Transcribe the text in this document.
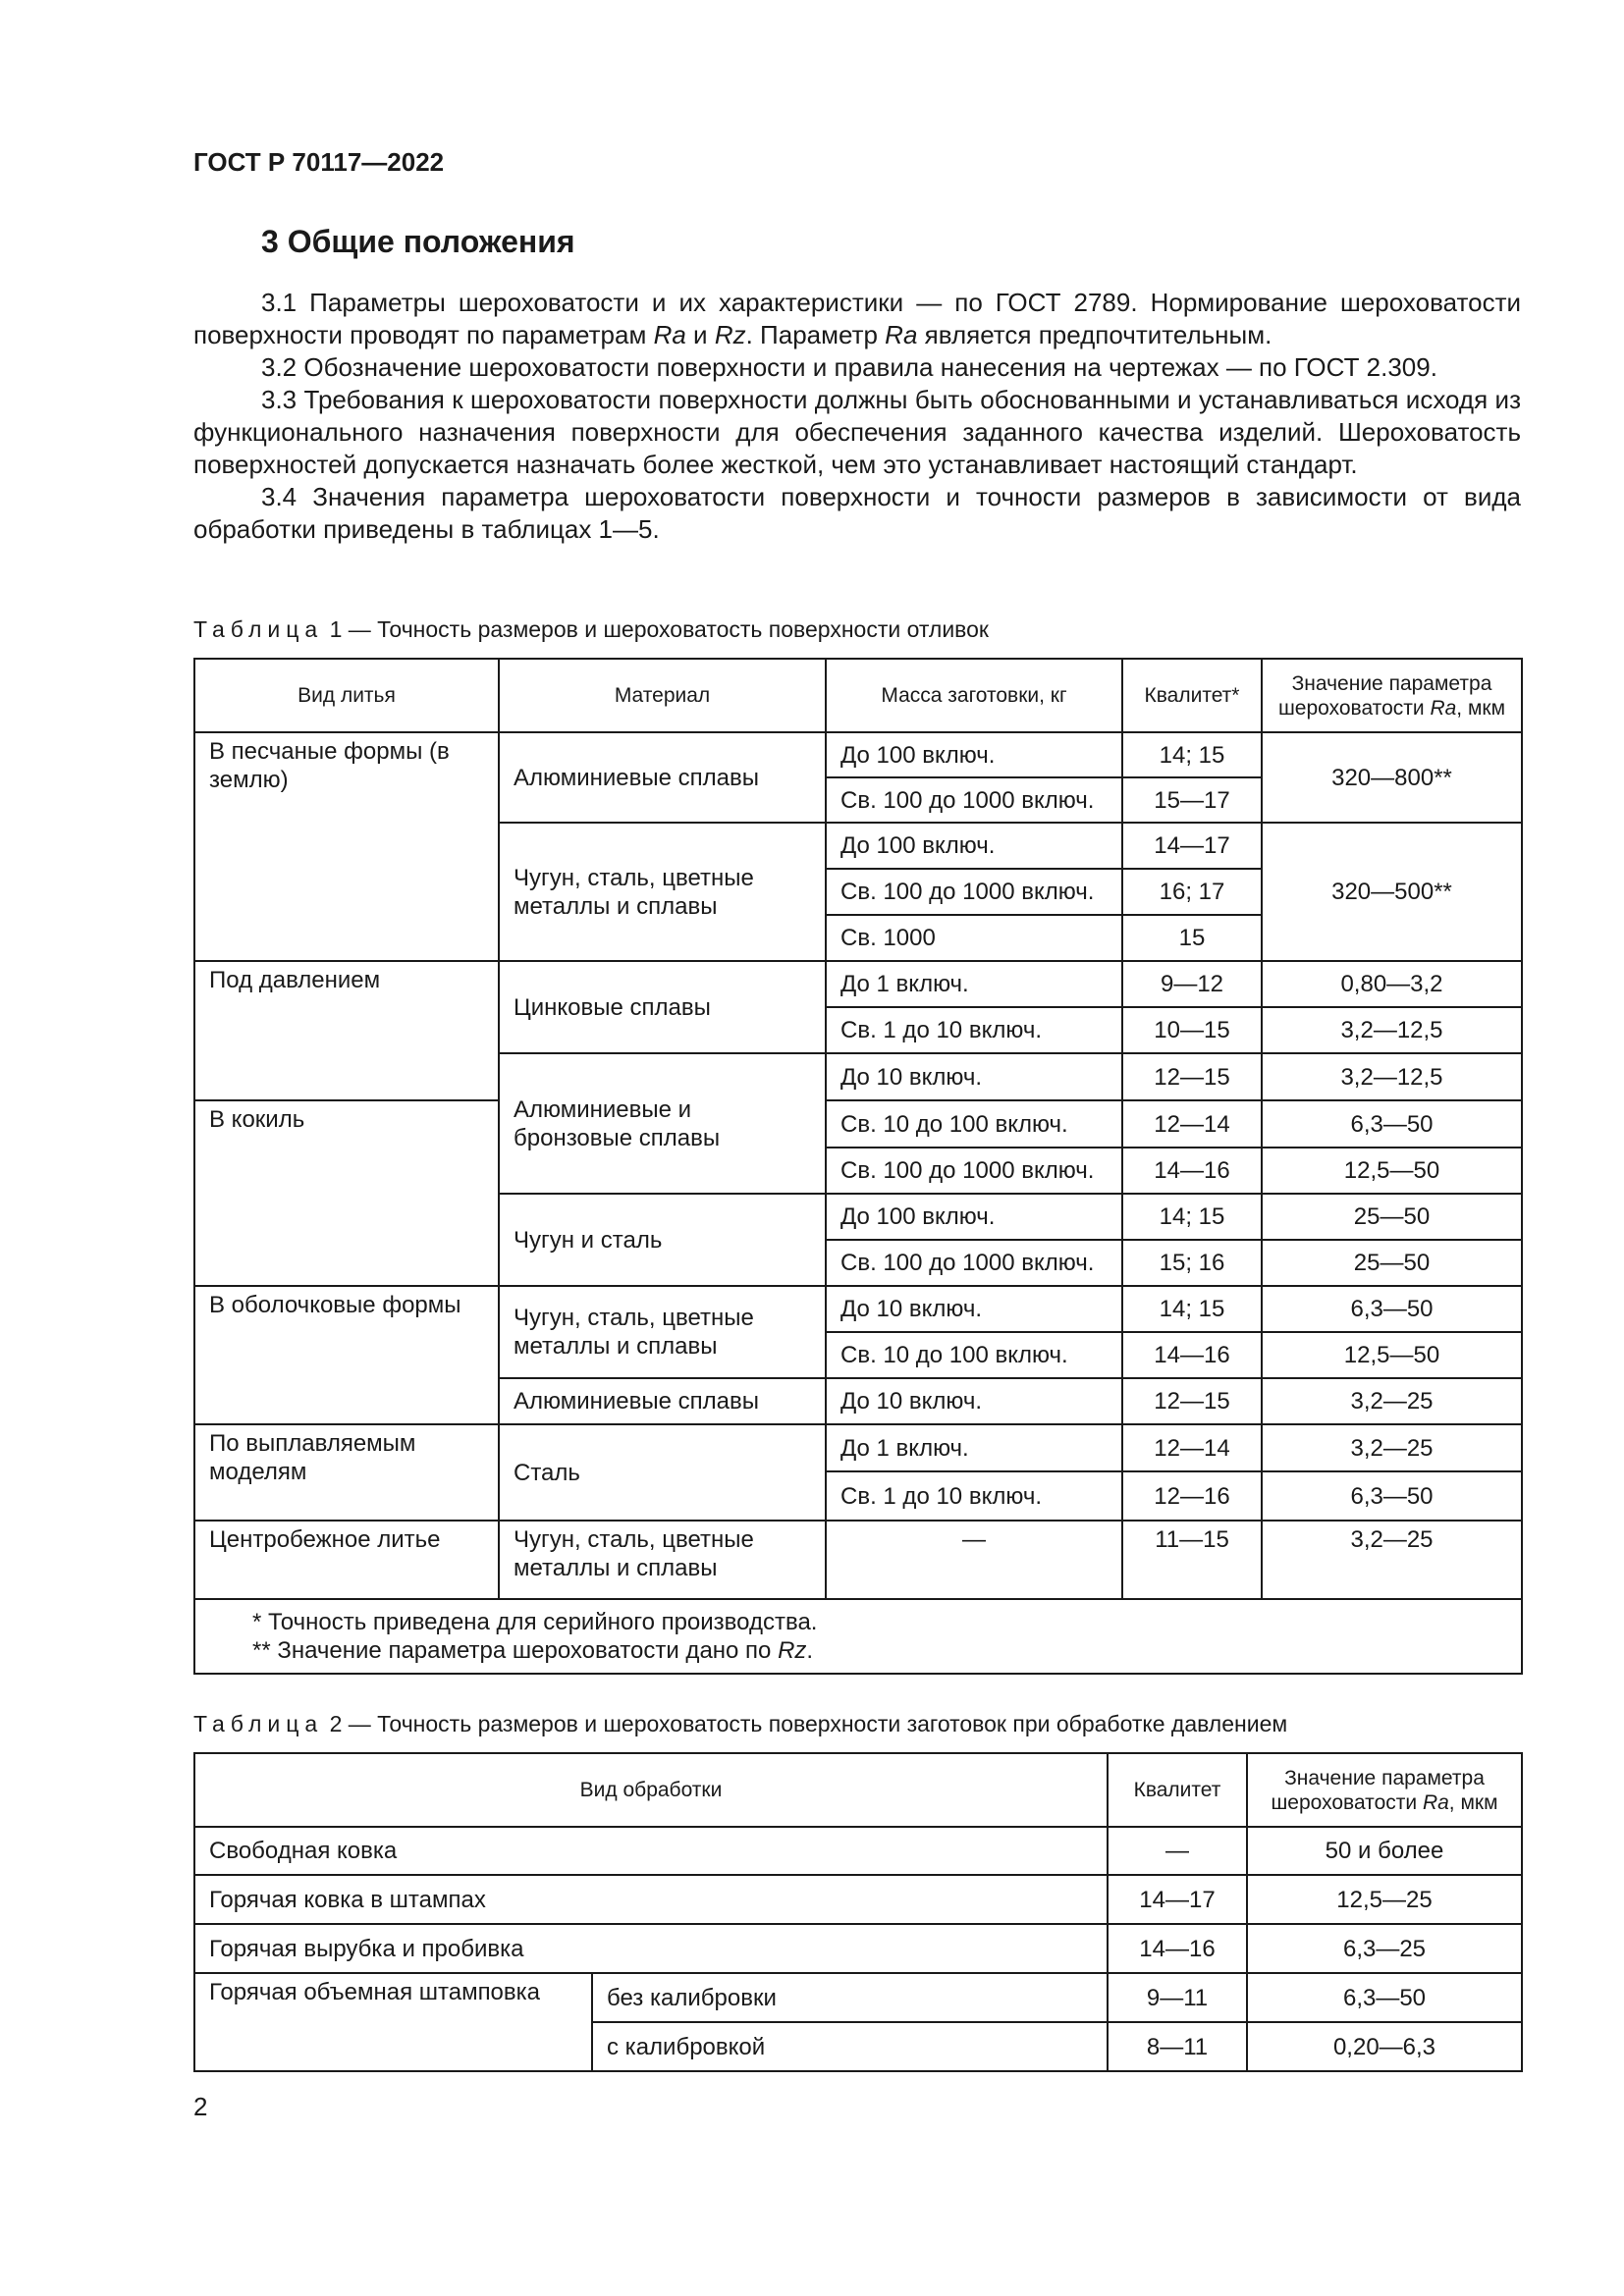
ГОСТ Р 70117—2022
3 Общие положения

3.1 Параметры шероховатости и их характеристики — по ГОСТ 2789. Нормирование шероховатости поверхности проводят по параметрам Ra и Rz. Параметр Ra является предпочтительным.

3.2 Обозначение шероховатости поверхности и правила нанесения на чертежах — по ГОСТ 2.309.

3.3 Требования к шероховатости поверхности должны быть обоснованными и устанавливаться исходя из функционального назначения поверхности для обеспечения заданного качества изделий. Шероховатость поверхностей допускается назначать более жесткой, чем это устанавливает настоящий стандарт.

3.4 Значения параметра шероховатости поверхности и точности размеров в зависимости от вида обработки приведены в таблицах 1—5.

Таблица 1 — Точность размеров и шероховатость поверхности отливок
Вид литья	Материал	Масса заготовки, кг	Квалитет*	Значение параметра
шероховатости Ra, мкм
В песчаные формы (в землю)	Алюминиевые сплавы	До 100 включ.	14; 15	320—800**
		Св. 100 до 1000 включ.	15—17	
	Чугун, сталь, цветные металлы и сплавы	До 100 включ.	14—17	320—500**
		Св. 100 до 1000 включ.	16; 17	
		Св. 1000	15	
Под давлением	Цинковые сплавы	До 1 включ.	9—12	0,80—3,2
		Св. 1 до 10 включ.	10—15	3,2—12,5
	Алюминиевые и бронзовые сплавы	До 10 включ.	12—15	3,2—12,5
В кокиль		Св. 10 до 100 включ.	12—14	6,3—50
		Св. 100 до 1000 включ.	14—16	12,5—50
	Чугун и сталь	До 100 включ.	14; 15	25—50
		Св. 100 до 1000 включ.	15; 16	25—50
В оболочковые формы	Чугун, сталь, цветные металлы и сплавы	До 10 включ.	14; 15	6,3—50
		Св. 10 до 100 включ.	14—16	12,5—50
	Алюминиевые сплавы	До 10 включ.	12—15	3,2—25
По выплавляемым моделям	Сталь	До 1 включ.	12—14	3,2—25
		Св. 1 до 10 включ.	12—16	6,3—50
Центробежное литье	Чугун, сталь, цветные металлы и сплавы	—	11—15	3,2—25

* Точность приведена для серийного производства.
** Значение параметра шероховатости дано по Rz.				
Таблица 2 — Точность размеров и шероховатость поверхности заготовок при обработке давлением
Вид обработки		Квалитет	Значение параметра
шероховатости Ra, мкм
Свободная ковка		—	50 и более
Горячая ковка в штампах		14—17	12,5—25
Горячая вырубка и пробивка		14—16	6,3—25
Горячая объемная штамповка	без калибровки	9—11	6,3—50
	с калибровкой	8—11	0,20—6,3
2
